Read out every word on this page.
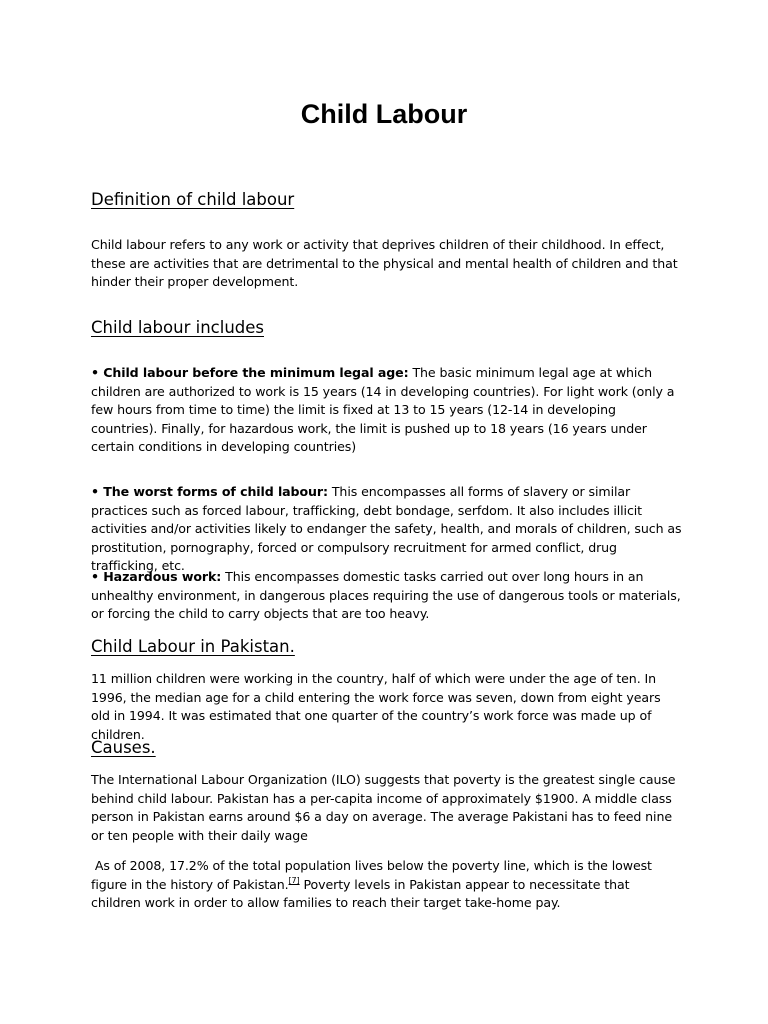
Child Labour
Definition of child labour

Child labour refers to any work or activity that deprives children of their childhood. In effect, these are activities that are detrimental to the physical and mental health of children and that hinder their proper development.

Child labour includes

• Child labour before the minimum legal age: The basic minimum legal age at which children are authorized to work is 15 years (14 in developing countries). For light work (only a few hours from time to time) the limit is fixed at 13 to 15 years (12-14 in developing countries). Finally, for hazardous work, the limit is pushed up to 18 years (16 years under certain conditions in developing countries)

• The worst forms of child labour: This encompasses all forms of slavery or similar practices such as forced labour, trafficking, debt bondage, serfdom. It also includes illicit activities and/or activities likely to endanger the safety, health, and morals of children, such as prostitution, pornography, forced or compulsory recruitment for armed conflict, drug trafficking, etc.

• Hazardous work: This encompasses domestic tasks carried out over long hours in an unhealthy environment, in dangerous places requiring the use of dangerous tools or materials, or forcing the child to carry objects that are too heavy.

Child Labour in Pakistan.

11 million children were working in the country, half of which were under the age of ten. In 1996, the median age for a child entering the work force was seven, down from eight years old in 1994. It was estimated that one quarter of the country’s work force was made up of children.

Causes.

The International Labour Organization (ILO) suggests that poverty is the greatest single cause behind child labour. Pakistan has a per-capita income of approximately $1900. A middle class person in Pakistan earns around $6 a day on average. The average Pakistani has to feed nine or ten people with their daily wage

As of 2008, 17.2% of the total population lives below the poverty line, which is the lowest figure in the history of Pakistan.[7] Poverty levels in Pakistan appear to necessitate that children work in order to allow families to reach their target take-home pay.
